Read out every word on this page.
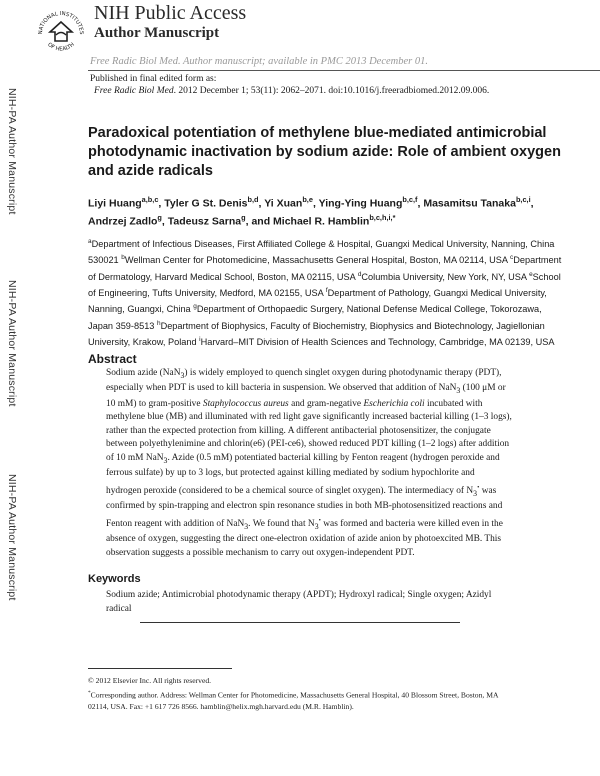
NATIONAL INSTITUTES
OF HEALTH
NIH Public Access
Author Manuscript
Free Radic Biol Med. Author manuscript; available in PMC 2013 December 01.
Published in final edited form as:
Free Radic Biol Med. 2012 December 1; 53(11): 2062–2071. doi:10.1016/j.freeradbiomed.2012.09.006.
NIH-PA Author Manuscript
NIH-PA Author Manuscript
NIH-PA Author Manuscript
Paradoxical potentiation of methylene blue-mediated antimicrobial photodynamic inactivation by sodium azide: Role of ambient oxygen and azide radicals
Liyi Huang$^{a,b,c}$, Tyler G St. Denis$^{b,d}$, Yi Xuan$^{b,e}$, Ying-Ying Huang$^{b,c,f}$, Masamitsu Tanaka$^{b,c,i}$, Andrzej Zadlo$^g$, Tadeusz Sarna$^g$, and Michael R. Hamblin$^{b,c,h,i,*}$
$^a$Department of Infectious Diseases, First Affiliated College & Hospital, Guangxi Medical University, Nanning, China 530021 $^b$Wellman Center for Photomedicine, Massachusetts General Hospital, Boston, MA 02114, USA $^c$Department of Dermatology, Harvard Medical School, Boston, MA 02115, USA $^d$Columbia University, New York, NY, USA $^e$School of Engineering, Tufts University, Medford, MA 02155, USA $^f$Department of Pathology, Guangxi Medical University, Nanning, Guangxi, China $^g$Department of Orthopaedic Surgery, National Defense Medical College, Tokorozawa, Japan 359-8513 $^h$Department of Biophysics, Faculty of Biochemistry, Biophysics and Biotechnology, Jagiellonian University, Krakow, Poland $^i$Harvard–MIT Division of Health Sciences and Technology, Cambridge, MA 02139, USA
Abstract
Sodium azide (NaN$_3$) is widely employed to quench singlet oxygen during photodynamic therapy (PDT), especially when PDT is used to kill bacteria in suspension. We observed that addition of NaN$_3$ (100 μM or 10 mM) to gram-positive Staphylococcus aureus and gram-negative Escherichia coli incubated with methylene blue (MB) and illuminated with red light gave significantly increased bacterial killing (1–3 logs), rather than the expected protection from killing. A different antibacterial photosensitizer, the conjugate between polyethylenimine and chlorin(e6) (PEI-ce6), showed reduced PDT killing (1–2 logs) after addition of 10 mM NaN$_3$. Azide (0.5 mM) potentiated bacterial killing by Fenton reagent (hydrogen peroxide and ferrous sulfate) by up to 3 logs, but protected against killing mediated by sodium hypochlorite and hydrogen peroxide (considered to be a chemical source of singlet oxygen). The intermediacy of $N_3^•$ was confirmed by spin-trapping and electron spin resonance studies in both MB-photosensitized reactions and Fenton reagent with addition of NaN$_3$. We found that $N_3^•$ was formed and bacteria were killed even in the absence of oxygen, suggesting the direct one-electron oxidation of azide anion by photoexcited MB. This observation suggests a possible mechanism to carry out oxygen-independent PDT.
Keywords
Sodium azide; Antimicrobial photodynamic therapy (APDT); Hydroxyl radical; Single oxygen; Azidyl radical
© 2012 Elsevier Inc. All rights reserved.
*Corresponding author. Address: Wellman Center for Photomedicine, Massachusetts General Hospital, 40 Blossom Street, Boston, MA 02114, USA. Fax: +1 617 726 8566. hamblin@helix.mgh.harvard.edu (M.R. Hamblin).
